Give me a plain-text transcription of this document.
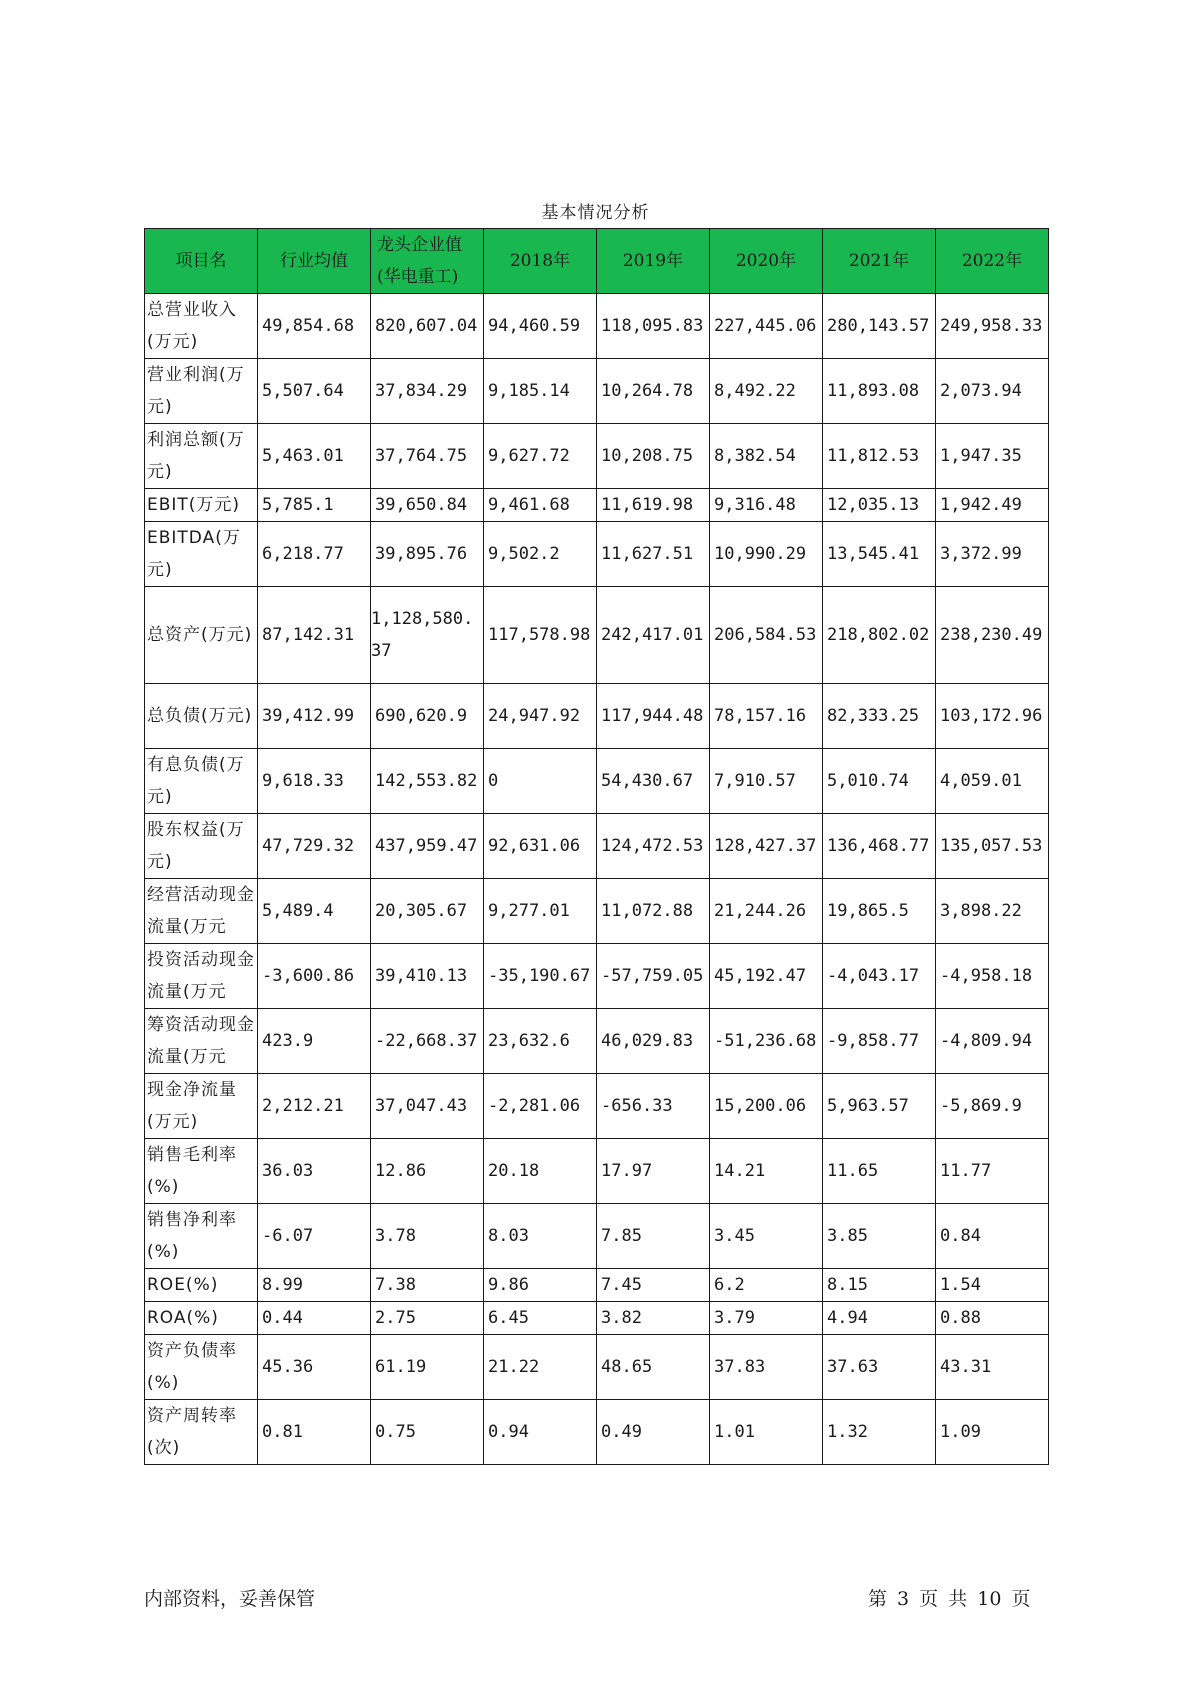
基本情况分析
项目名	行业均值	龙头企业值(华电重工)	2018年	2019年	2020年	2021年	2022年
总营业收入(万元)	49,854.68	820,607.04	94,460.59	118,095.83	227,445.06	280,143.57	249,958.33
营业利润(万元)	5,507.64	37,834.29	9,185.14	10,264.78	8,492.22	11,893.08	2,073.94
利润总额(万元)	5,463.01	37,764.75	9,627.72	10,208.75	8,382.54	11,812.53	1,947.35
EBIT(万元)	5,785.1	39,650.84	9,461.68	11,619.98	9,316.48	12,035.13	1,942.49
EBITDA(万元)	6,218.77	39,895.76	9,502.2	11,627.51	10,990.29	13,545.41	3,372.99
总资产(万元)	87,142.31	1,128,580.37	117,578.98	242,417.01	206,584.53	218,802.02	238,230.49
总负债(万元)	39,412.99	690,620.9	24,947.92	117,944.48	78,157.16	82,333.25	103,172.96
有息负债(万元)	9,618.33	142,553.82	0	54,430.67	7,910.57	5,010.74	4,059.01
股东权益(万元)	47,729.32	437,959.47	92,631.06	124,472.53	128,427.37	136,468.77	135,057.53
经营活动现金流量(万元	5,489.4	20,305.67	9,277.01	11,072.88	21,244.26	19,865.5	3,898.22
投资活动现金流量(万元	-3,600.86	39,410.13	-35,190.67	-57,759.05	45,192.47	-4,043.17	-4,958.18
筹资活动现金流量(万元	423.9	-22,668.37	23,632.6	46,029.83	-51,236.68	-9,858.77	-4,809.94
现金净流量(万元)	2,212.21	37,047.43	-2,281.06	-656.33	15,200.06	5,963.57	-5,869.9
销售毛利率(%)	36.03	12.86	20.18	17.97	14.21	11.65	11.77
销售净利率(%)	-6.07	3.78	8.03	7.85	3.45	3.85	0.84
ROE(%)	8.99	7.38	9.86	7.45	6.2	8.15	1.54
ROA(%)	0.44	2.75	6.45	3.82	3.79	4.94	0.88
资产负债率(%)	45.36	61.19	21.22	48.65	37.83	37.63	43.31
资产周转率(次)	0.81	0.75	0.94	0.49	1.01	1.32	1.09
内部资料，妥善保管	第 3 页 共 10 页
